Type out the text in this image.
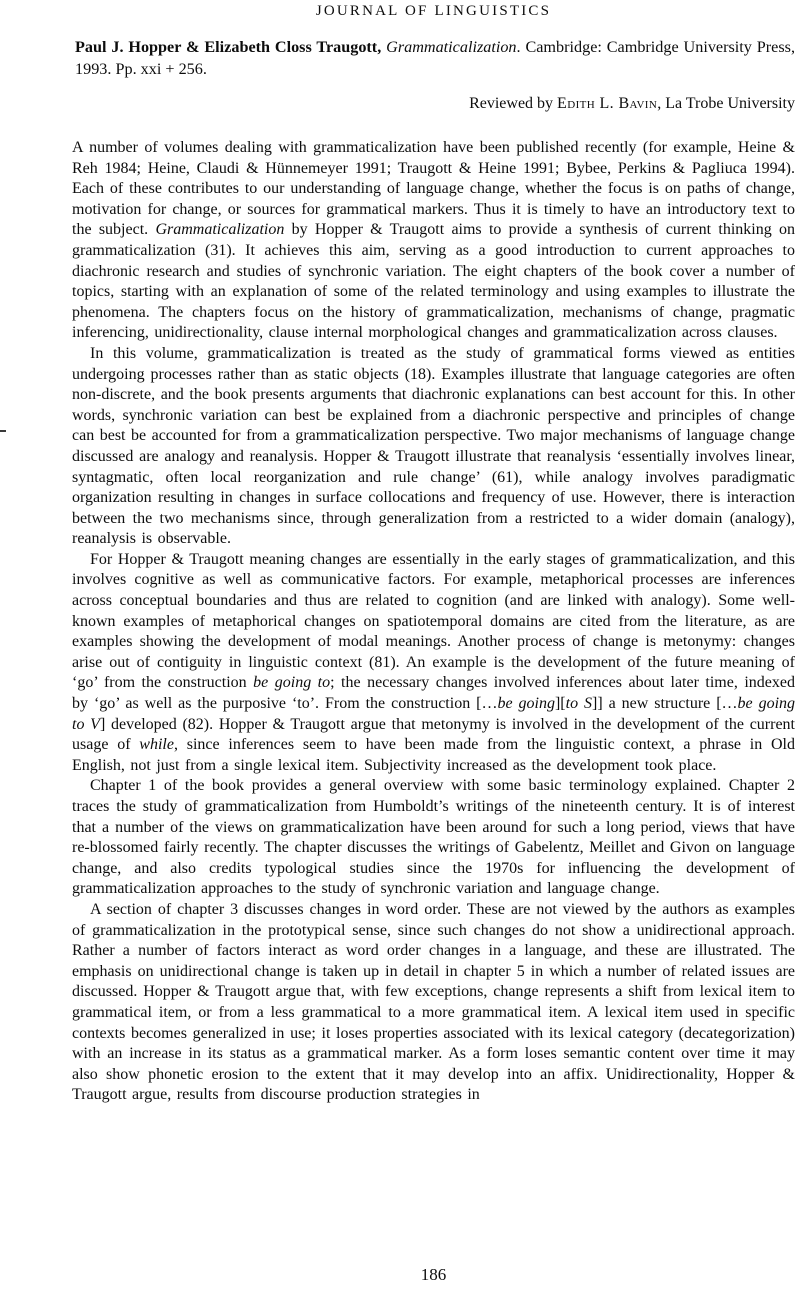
JOURNAL OF LINGUISTICS

Paul J. Hopper & Elizabeth Closs Traugott, Grammaticalization. Cambridge: Cambridge University Press, 1993. Pp. xxi + 256.

Reviewed by Edith L. Bavin, La Trobe University

A number of volumes dealing with grammaticalization have been published recently (for example, Heine & Reh 1984; Heine, Claudi & Hünnemeyer 1991; Traugott & Heine 1991; Bybee, Perkins & Pagliuca 1994). Each of these contributes to our understanding of language change, whether the focus is on paths of change, motivation for change, or sources for grammatical markers. Thus it is timely to have an introductory text to the subject. Grammaticalization by Hopper & Traugott aims to provide a synthesis of current thinking on grammaticalization (31). It achieves this aim, serving as a good introduction to current approaches to diachronic research and studies of synchronic variation. The eight chapters of the book cover a number of topics, starting with an explanation of some of the related terminology and using examples to illustrate the phenomena. The chapters focus on the history of grammaticalization, mechanisms of change, pragmatic inferencing, unidirectionality, clause internal morphological changes and grammaticalization across clauses.

In this volume, grammaticalization is treated as the study of grammatical forms viewed as entities undergoing processes rather than as static objects (18). Examples illustrate that language categories are often non-discrete, and the book presents arguments that diachronic explanations can best account for this. In other words, synchronic variation can best be explained from a diachronic perspective and principles of change can best be accounted for from a grammaticalization perspective. Two major mechanisms of language change discussed are analogy and reanalysis. Hopper & Traugott illustrate that reanalysis ‘essentially involves linear, syntagmatic, often local reorganization and rule change’ (61), while analogy involves paradigmatic organization resulting in changes in surface collocations and frequency of use. However, there is interaction between the two mechanisms since, through generalization from a restricted to a wider domain (analogy), reanalysis is observable.

For Hopper & Traugott meaning changes are essentially in the early stages of grammaticalization, and this involves cognitive as well as communicative factors. For example, metaphorical processes are inferences across conceptual boundaries and thus are related to cognition (and are linked with analogy). Some well-known examples of metaphorical changes on spatiotemporal domains are cited from the literature, as are examples showing the development of modal meanings. Another process of change is metonymy: changes arise out of contiguity in linguistic context (81). An example is the development of the future meaning of ‘go’ from the construction be going to; the necessary changes involved inferences about later time, indexed by ‘go’ as well as the purposive ‘to’. From the construction […be going][to S]] a new structure […be going to V] developed (82). Hopper & Traugott argue that metonymy is involved in the development of the current usage of while, since inferences seem to have been made from the linguistic context, a phrase in Old English, not just from a single lexical item. Subjectivity increased as the development took place.

Chapter 1 of the book provides a general overview with some basic terminology explained. Chapter 2 traces the study of grammaticalization from Humboldt’s writings of the nineteenth century. It is of interest that a number of the views on grammaticalization have been around for such a long period, views that have re-blossomed fairly recently. The chapter discusses the writings of Gabelentz, Meillet and Givon on language change, and also credits typological studies since the 1970s for influencing the development of grammaticalization approaches to the study of synchronic variation and language change.

A section of chapter 3 discusses changes in word order. These are not viewed by the authors as examples of grammaticalization in the prototypical sense, since such changes do not show a unidirectional approach. Rather a number of factors interact as word order changes in a language, and these are illustrated. The emphasis on unidirectional change is taken up in detail in chapter 5 in which a number of related issues are discussed. Hopper & Traugott argue that, with few exceptions, change represents a shift from lexical item to grammatical item, or from a less grammatical to a more grammatical item. A lexical item used in specific contexts becomes generalized in use; it loses properties associated with its lexical category (decategorization) with an increase in its status as a grammatical marker. As a form loses semantic content over time it may also show phonetic erosion to the extent that it may develop into an affix. Unidirectionality, Hopper & Traugott argue, results from discourse production strategies in

186
